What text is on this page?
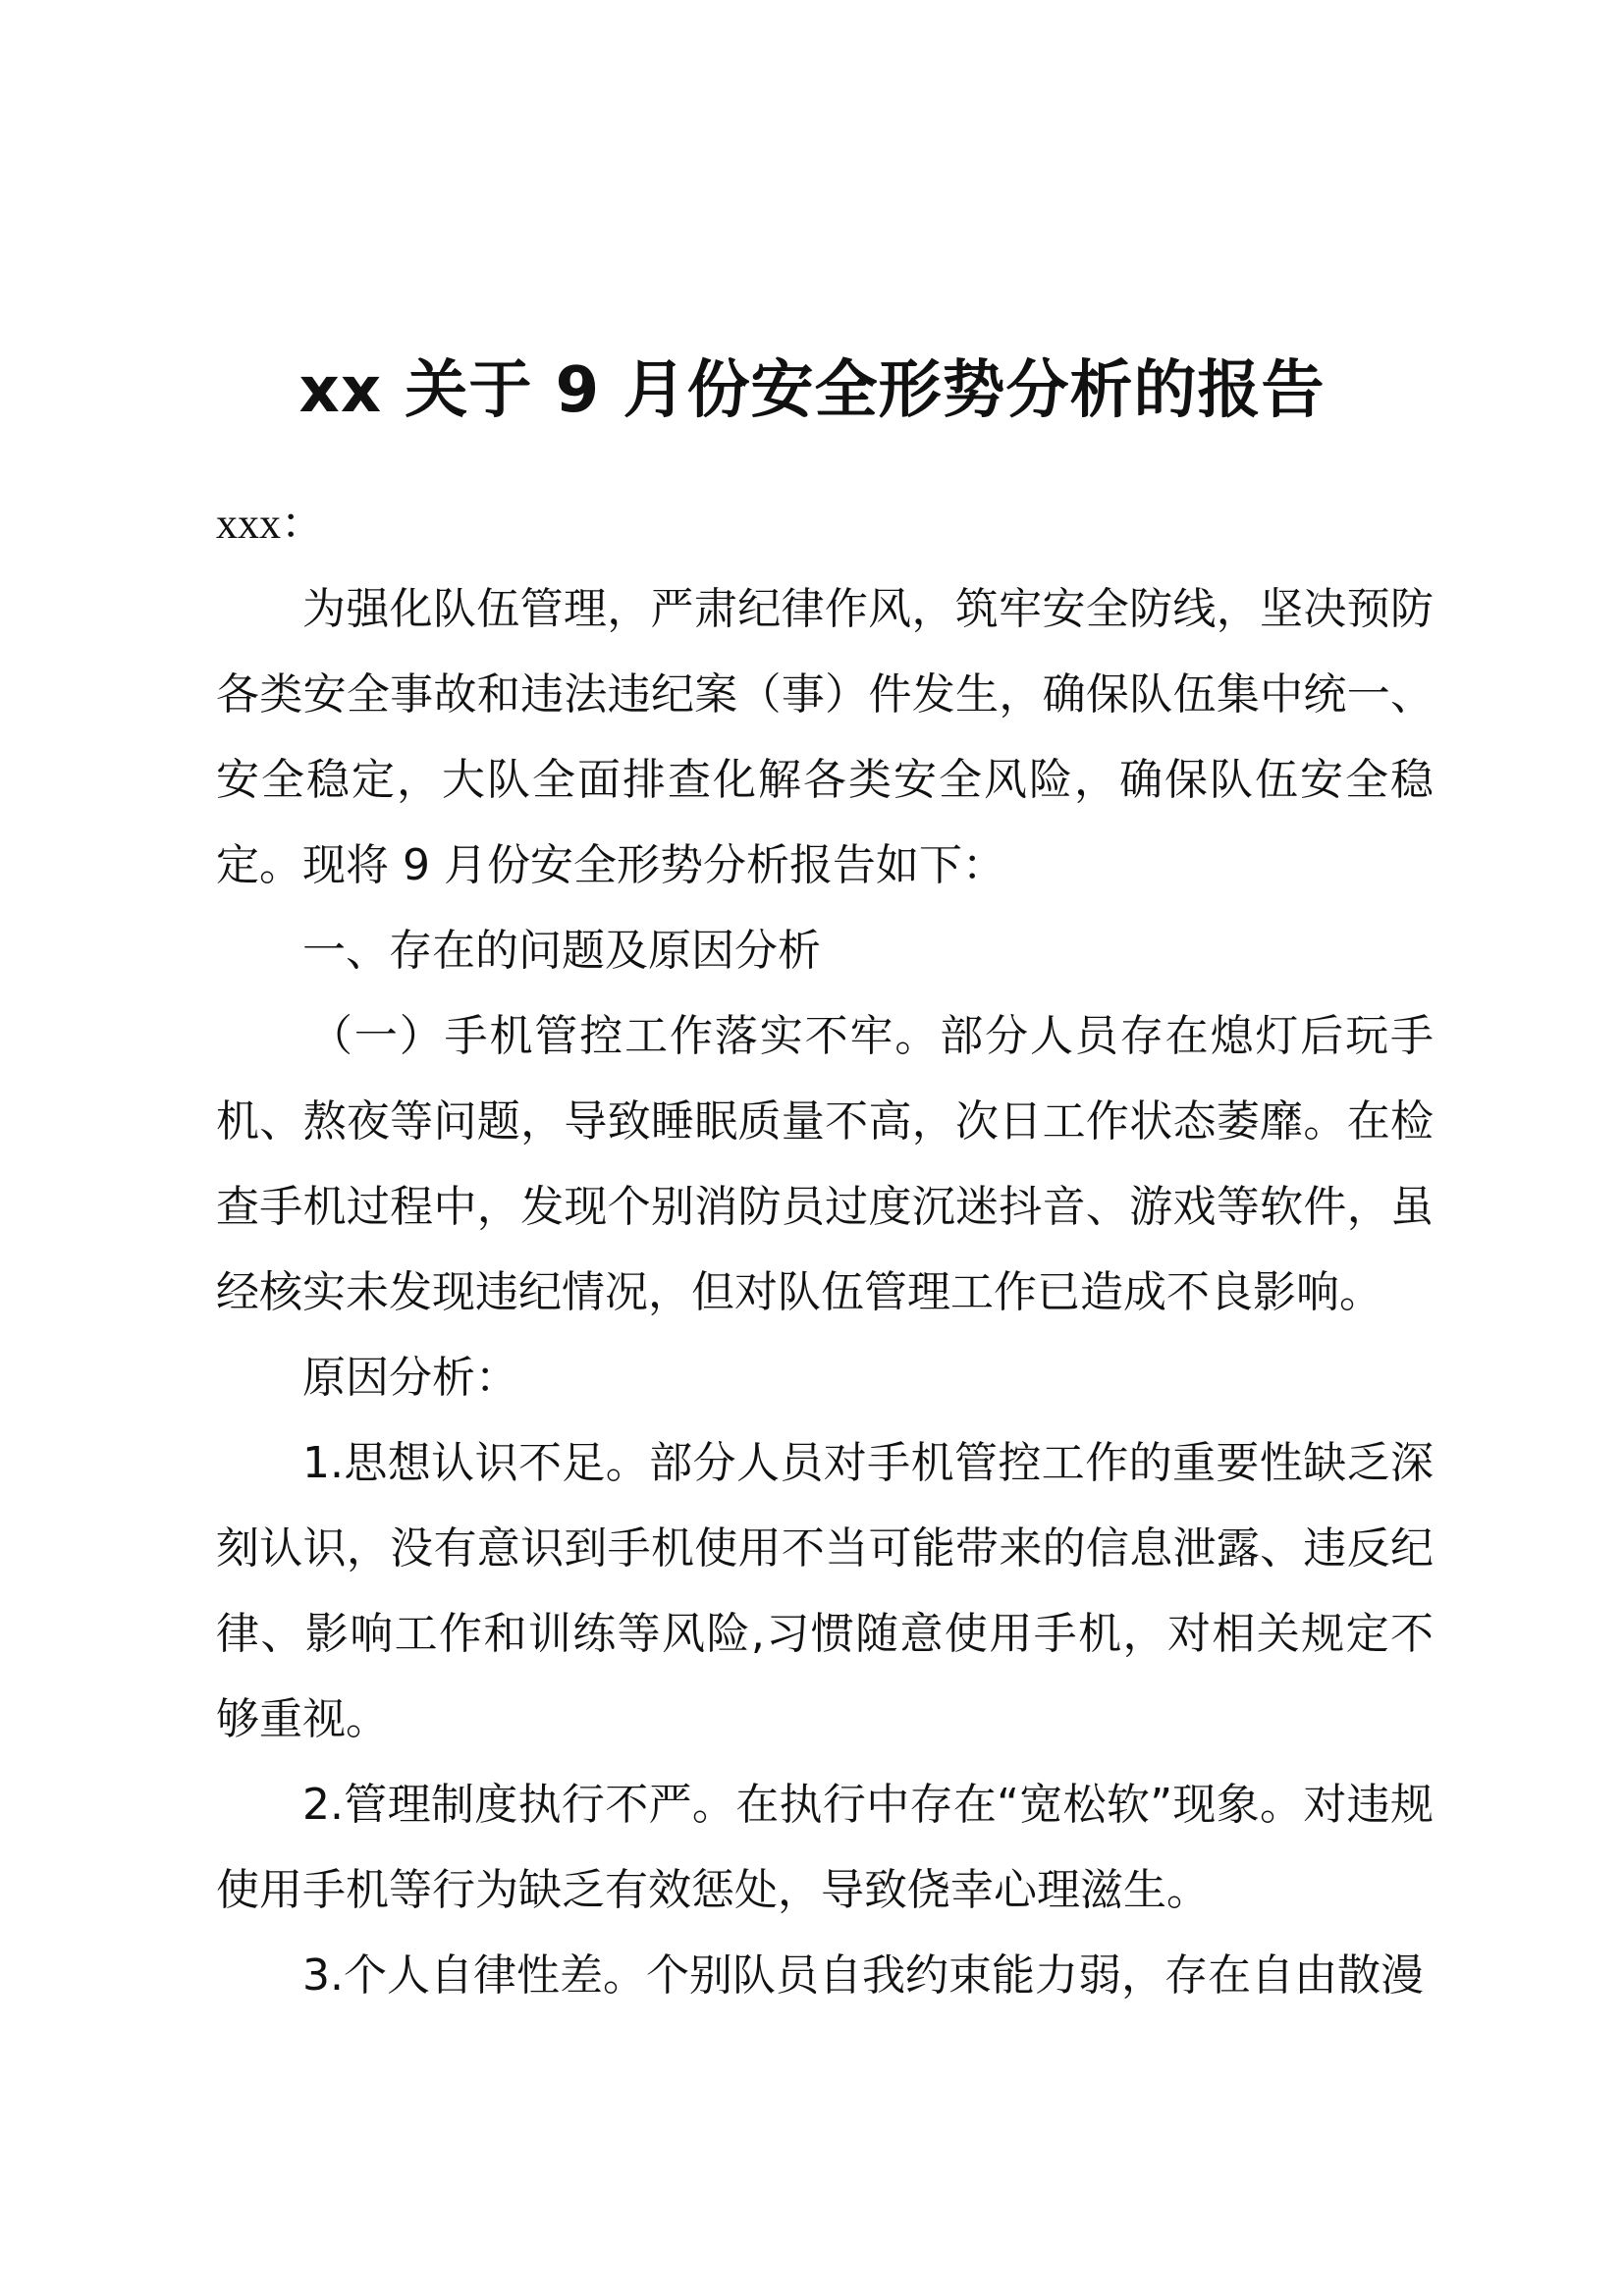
xx 关于 9 月份安全形势分析的报告

xxx：

为强化队伍管理，严肃纪律作风，筑牢安全防线，坚决预防各类安全事故和违法违纪案（事）件发生，确保队伍集中统一、安全稳定，大队全面排查化解各类安全风险，确保队伍安全稳定。现将 9 月份安全形势分析报告如下：

一、存在的问题及原因分析

（一）手机管控工作落实不牢。部分人员存在熄灯后玩手机、熬夜等问题，导致睡眠质量不高，次日工作状态萎靡。在检查手机过程中，发现个别消防员过度沉迷抖音、游戏等软件，虽经核实未发现违纪情况，但对队伍管理工作已造成不良影响。

原因分析：

1.思想认识不足。部分人员对手机管控工作的重要性缺乏深刻认识，没有意识到手机使用不当可能带来的信息泄露、违反纪律、影响工作和训练等风险,习惯随意使用手机，对相关规定不够重视。

2.管理制度执行不严。在执行中存在“宽松软”现象。对违规使用手机等行为缺乏有效惩处，导致侥幸心理滋生。

3.个人自律性差。个别队员自我约束能力弱，存在自由散漫
